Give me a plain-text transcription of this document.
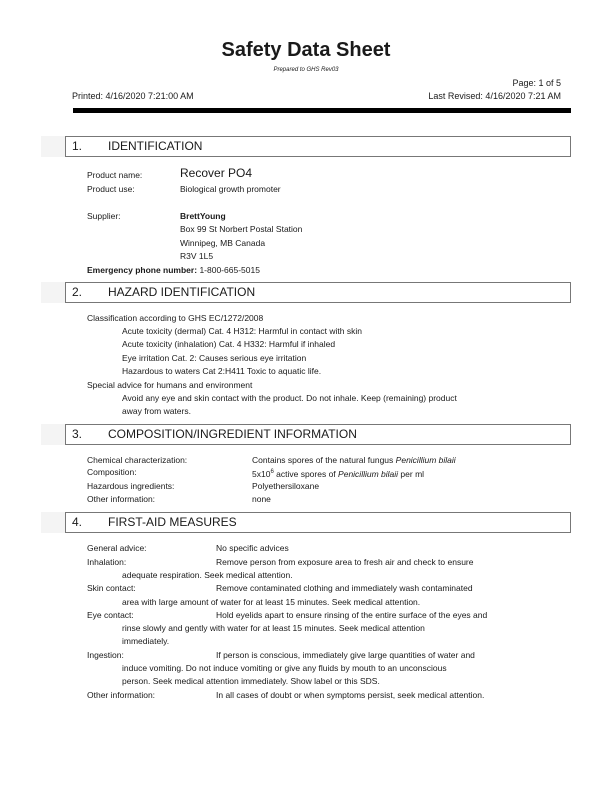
Safety Data Sheet
Prepared to GHS Rev03
Page: 1 of 5
Printed: 4/16/2020 7:21:00 AM	Last Revised: 4/16/2020 7:21 AM
1. IDENTIFICATION
Product name:	Recover PO4
Product use:	Biological growth promoter
Supplier:	BrettYoung
Box 99 St Norbert Postal Station
Winnipeg, MB Canada
R3V 1L5
Emergency phone number: 1-800-665-5015
2. HAZARD IDENTIFICATION
Classification according to GHS EC/1272/2008
Acute toxicity (dermal) Cat. 4 H312: Harmful in contact with skin
Acute toxicity (inhalation) Cat. 4 H332: Harmful if inhaled
Eye irritation Cat. 2: Causes serious eye irritation
Hazardous to waters Cat 2:H411 Toxic to aquatic life.
Special advice for humans and environment
Avoid any eye and skin contact with the product. Do not inhale. Keep (remaining) product
away from waters.
3. COMPOSITION/INGREDIENT INFORMATION
Chemical characterization:	Contains spores of the natural fungus Penicillium bilaii
Composition:	$5x10^6$ active spores of Penicillium bilaii per ml
Hazardous ingredients:	Polyethersiloxane
Other information:	none
4. FIRST-AID MEASURES
General advice:	No specific advices
Inhalation:	Remove person from exposure area to fresh air and check to ensure
adequate respiration. Seek medical attention.
Skin contact:	Remove contaminated clothing and immediately wash contaminated
area with large amount of water for at least 15 minutes. Seek medical attention.
Eye contact:	Hold eyelids apart to ensure rinsing of the entire surface of the eyes and
rinse slowly and gently with water for at least 15 minutes. Seek medical attention
immediately.
Ingestion:	If person is conscious, immediately give large quantities of water and
induce vomiting. Do not induce vomiting or give any fluids by mouth to an unconscious
person. Seek medical attention immediately. Show label or this SDS.
Other information:	In all cases of doubt or when symptoms persist, seek medical attention.
